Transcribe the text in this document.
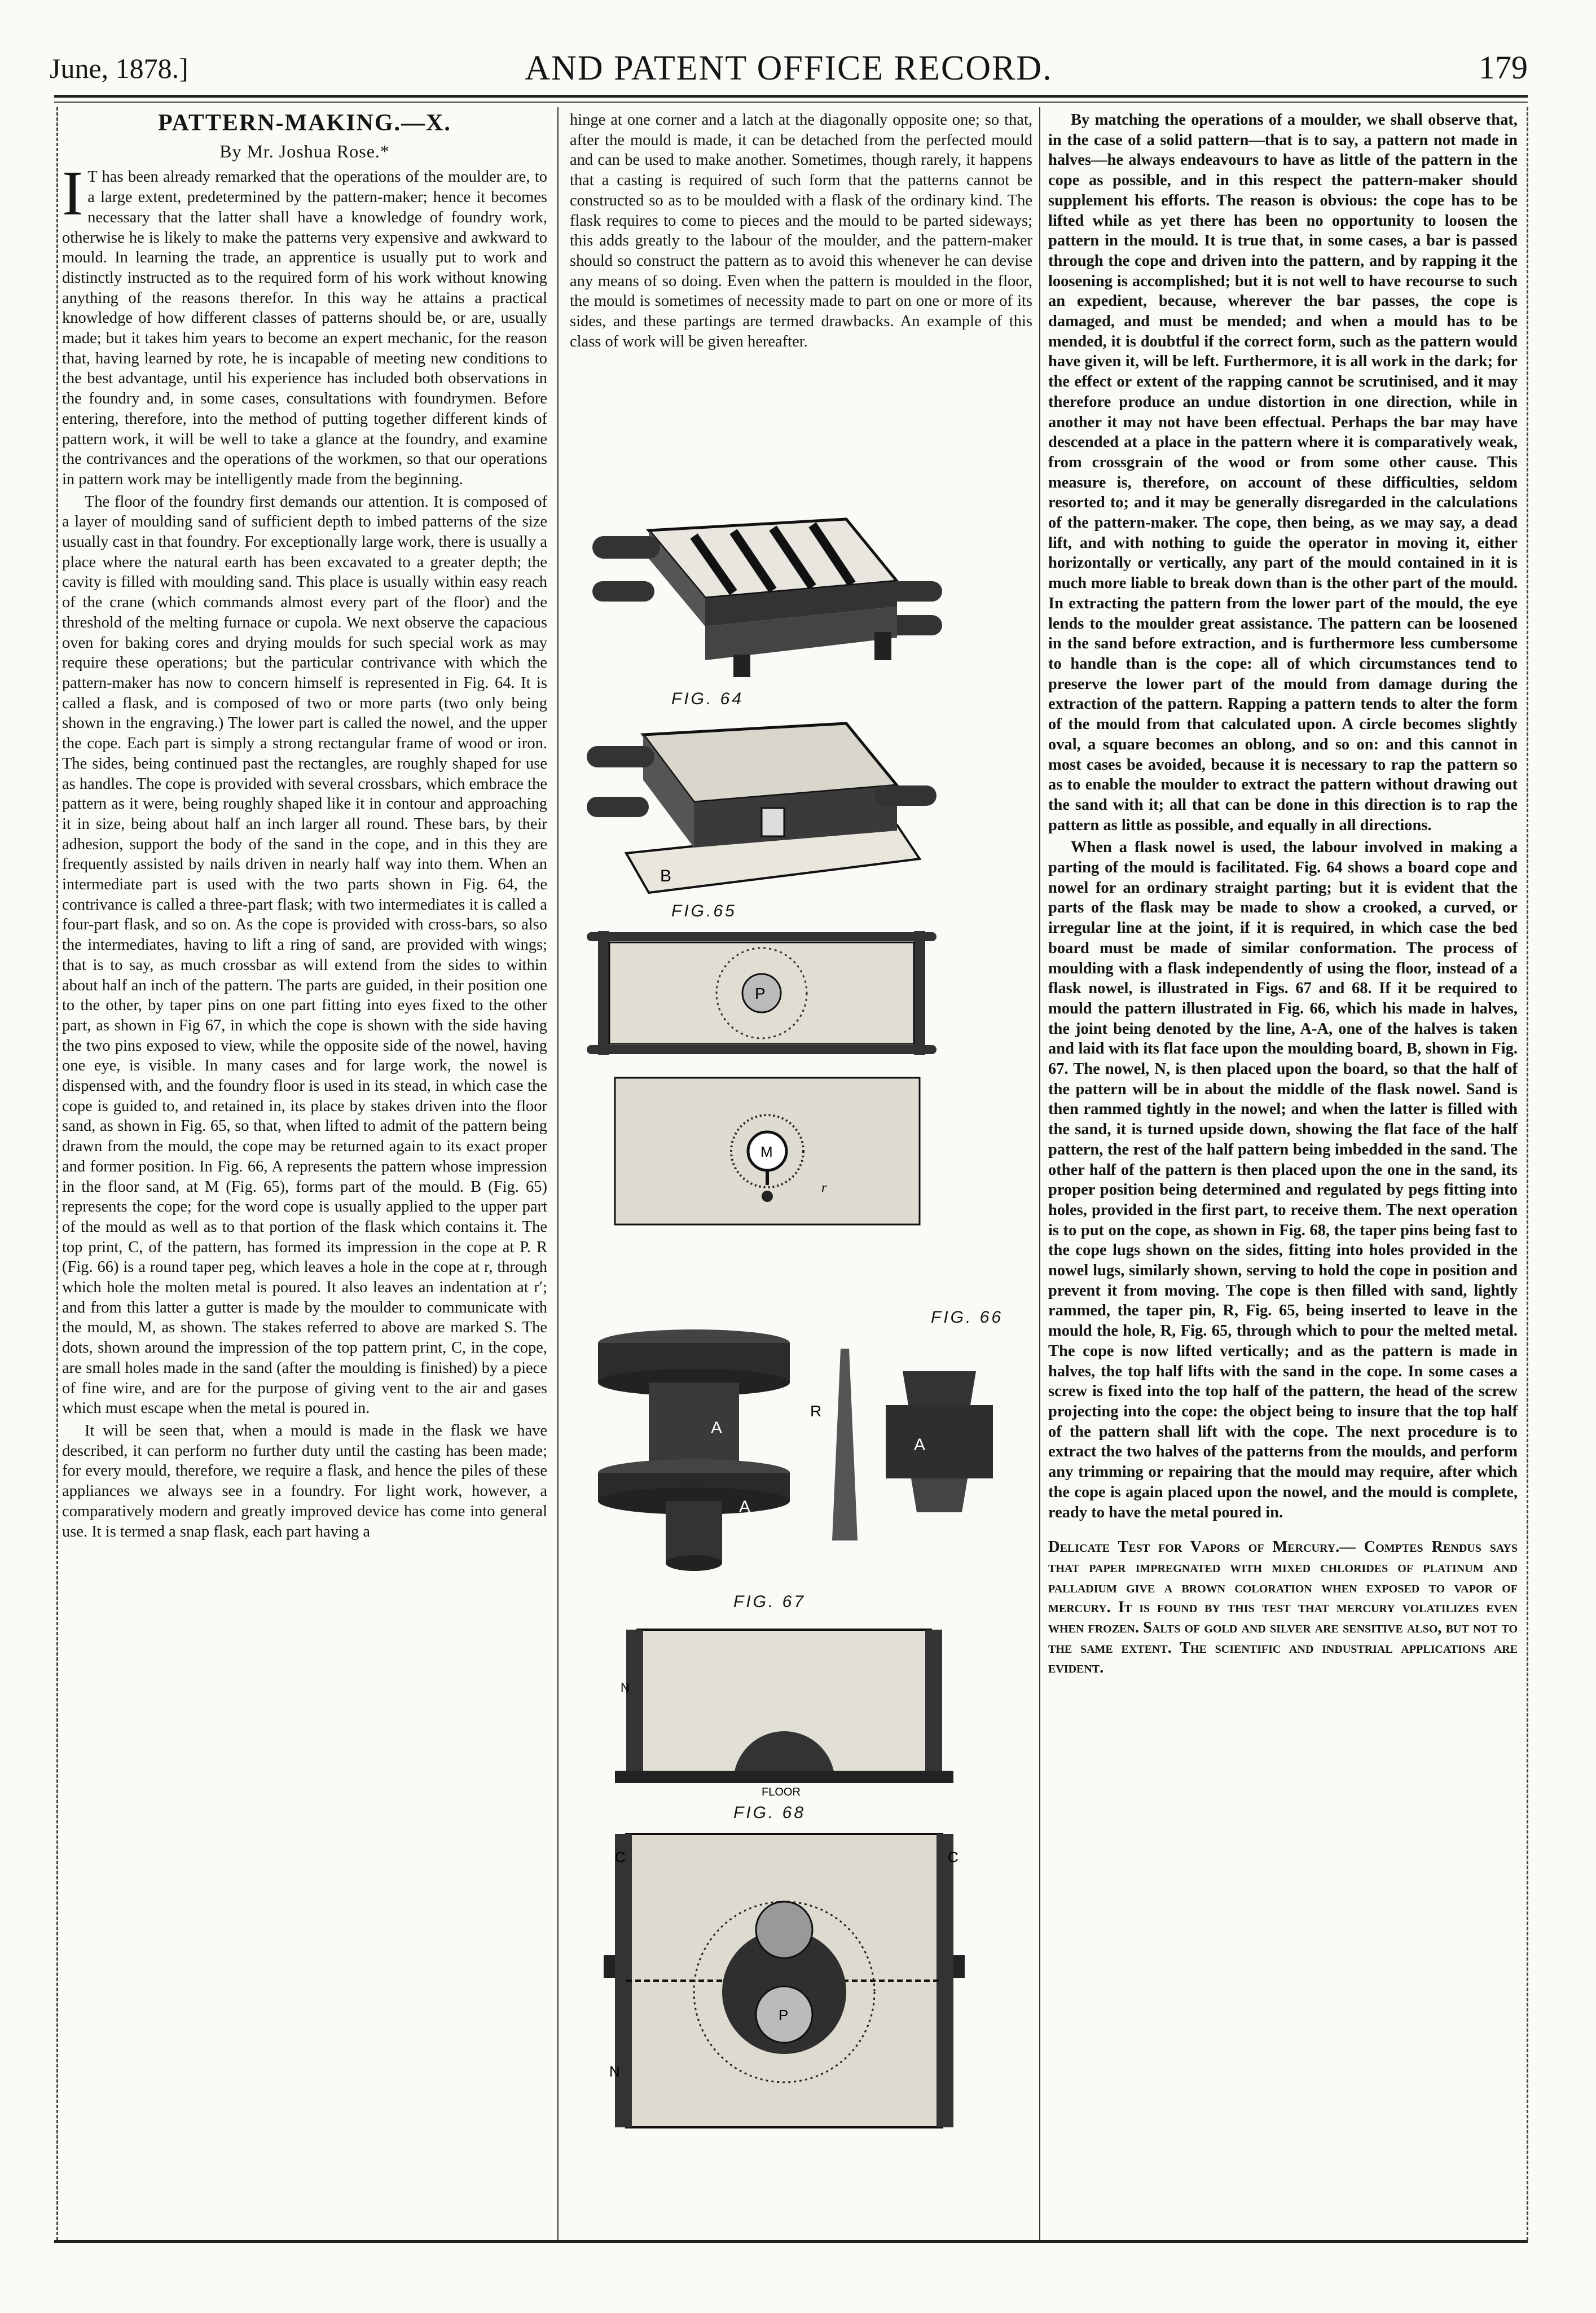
June, 1878.]	AND PATENT OFFICE RECORD.	179
PATTERN-MAKING.—X.
By Mr. Joshua Rose.*

I T has been already remarked that the operations of the moulder are, to a large extent, predetermined by the pattern-maker; hence it becomes necessary that the latter shall have a knowledge of foundry work, otherwise he is likely to make the patterns very expensive and awkward to mould. In learning the trade, an apprentice is usually put to work and distinctly instructed as to the required form of his work without knowing anything of the reasons therefor. In this way he attains a practical knowledge of how different classes of patterns should be, or are, usually made; but it takes him years to become an expert mechanic, for the reason that, having learned by rote, he is incapable of meeting new conditions to the best advantage, until his experience has included both observations in the foundry and, in some cases, consultations with foundrymen. Before entering, therefore, into the method of putting together different kinds of pattern work, it will be well to take a glance at the foundry, and examine the contrivances and the operations of the workmen, so that our operations in pattern work may be intelligently made from the beginning.

The floor of the foundry first demands our attention. It is composed of a layer of moulding sand of sufficient depth to imbed patterns of the size usually cast in that foundry. For exceptionally large work, there is usually a place where the natural earth has been excavated to a greater depth; the cavity is filled with moulding sand. This place is usually within easy reach of the crane (which commands almost every part of the floor) and the threshold of the melting furnace or cupola. We next observe the capacious oven for baking cores and drying moulds for such special work as may require these operations; but the particular contrivance with which the pattern-maker has now to concern himself is represented in Fig. 64. It is called a flask, and is composed of two or more parts (two only being shown in the engraving.) The lower part is called the nowel, and the upper the cope. Each part is simply a strong rectangular frame of wood or iron. The sides, being continued past the rectangles, are roughly shaped for use as handles. The cope is provided with several crossbars, which embrace the pattern as it were, being roughly shaped like it in contour and approaching it in size, being about half an inch larger all round. These bars, by their adhesion, support the body of the sand in the cope, and in this they are frequently assisted by nails driven in nearly half way into them. When an intermediate part is used with the two parts shown in Fig. 64, the contrivance is called a three-part flask; with two intermediates it is called a four-part flask, and so on. As the cope is provided with cross-bars, so also the intermediates, having to lift a ring of sand, are provided with wings; that is to say, as much crossbar as will extend from the sides to within about half an inch of the pattern. The parts are guided, in their position one to the other, by taper pins on one part fitting into eyes fixed to the other part, as shown in Fig 67, in which the cope is shown with the side having the two pins exposed to view, while the opposite side of the nowel, having one eye, is visible. In many cases and for large work, the nowel is dispensed with, and the foundry floor is used in its stead, in which case the cope is guided to, and retained in, its place by stakes driven into the floor sand, as shown in Fig. 65, so that, when lifted to admit of the pattern being drawn from the mould, the cope may be returned again to its exact proper and former position. In Fig. 66, A represents the pattern whose impression in the floor sand, at M (Fig. 65), forms part of the mould. B (Fig. 65) represents the cope; for the word cope is usually applied to the upper part of the mould as well as to that portion of the flask which contains it. The top print, C, of the pattern, has formed its impression in the cope at P. R (Fig. 66) is a round taper peg, which leaves a hole in the cope at r, through which hole the molten metal is poured. It also leaves an indentation at r′; and from this latter a gutter is made by the moulder to communicate with the mould, M, as shown. The stakes referred to above are marked S. The dots, shown around the impression of the top pattern print, C, in the cope, are small holes made in the sand (after the moulding is finished) by a piece of fine wire, and are for the purpose of giving vent to the air and gases which must escape when the metal is poured in.

It will be seen that, when a mould is made in the flask we have described, it can perform no further duty until the casting has been made; for every mould, therefore, we require a flask, and hence the piles of these appliances we always see in a foundry. For light work, however, a comparatively modern and greatly improved device has come into general use. It is termed a snap flask, each part having a

hinge at one corner and a latch at the diagonally opposite one; so that, after the mould is made, it can be detached from the perfected mould and can be used to make another. Sometimes, though rarely, it happens that a casting is required of such form that the patterns cannot be constructed so as to be moulded with a flask of the ordinary kind. The flask requires to come to pieces and the mould to be parted sideways; this adds greatly to the labour of the moulder, and the pattern-maker should so construct the pattern as to avoid this whenever he can devise any means of so doing. Even when the pattern is moulded in the floor, the mould is sometimes of necessity made to part on one or more of its sides, and these partings are termed drawbacks. An example of this class of work will be given hereafter.

FIG. 64
B
FIG.65
P
M
r
FIG. 66
A
A
R
A
FIG. 67
N
FLOOR
FIG. 68
C	C
N
P

By matching the operations of a moulder, we shall observe that, in the case of a solid pattern—that is to say, a pattern not made in halves—he always endeavours to have as little of the pattern in the cope as possible, and in this respect the pattern-maker should supplement his efforts. The reason is obvious: the cope has to be lifted while as yet there has been no opportunity to loosen the pattern in the mould. It is true that, in some cases, a bar is passed through the cope and driven into the pattern, and by rapping it the loosening is accomplished; but it is not well to have recourse to such an expedient, because, wherever the bar passes, the cope is damaged, and must be mended; and when a mould has to be mended, it is doubtful if the correct form, such as the pattern would have given it, will be left. Furthermore, it is all work in the dark; for the effect or extent of the rapping cannot be scrutinised, and it may therefore produce an undue distortion in one direction, while in another it may not have been effectual. Perhaps the bar may have descended at a place in the pattern where it is comparatively weak, from crossgrain of the wood or from some other cause. This measure is, therefore, on account of these difficulties, seldom resorted to; and it may be generally disregarded in the calculations of the pattern-maker. The cope, then being, as we may say, a dead lift, and with nothing to guide the operator in moving it, either horizontally or vertically, any part of the mould contained in it is much more liable to break down than is the other part of the mould. In extracting the pattern from the lower part of the mould, the eye lends to the moulder great assistance. The pattern can be loosened in the sand before extraction, and is furthermore less cumbersome to handle than is the cope: all of which circumstances tend to preserve the lower part of the mould from damage during the extraction of the pattern. Rapping a pattern tends to alter the form of the mould from that calculated upon. A circle becomes slightly oval, a square becomes an oblong, and so on: and this cannot in most cases be avoided, because it is necessary to rap the pattern so as to enable the moulder to extract the pattern without drawing out the sand with it; all that can be done in this direction is to rap the pattern as little as possible, and equally in all directions.

When a flask nowel is used, the labour involved in making a parting of the mould is facilitated. Fig. 64 shows a board cope and nowel for an ordinary straight parting; but it is evident that the parts of the flask may be made to show a crooked, a curved, or irregular line at the joint, if it is required, in which case the bed board must be made of similar conformation. The process of moulding with a flask independently of using the floor, instead of a flask nowel, is illustrated in Figs. 67 and 68. If it be required to mould the pattern illustrated in Fig. 66, which his made in halves, the joint being denoted by the line, A-A, one of the halves is taken and laid with its flat face upon the moulding board, B, shown in Fig. 67. The nowel, N, is then placed upon the board, so that the half of the pattern will be in about the middle of the flask nowel. Sand is then rammed tightly in the nowel; and when the latter is filled with the sand, it is turned upside down, showing the flat face of the half pattern, the rest of the half pattern being imbedded in the sand. The other half of the pattern is then placed upon the one in the sand, its proper position being determined and regulated by pegs fitting into holes, provided in the first part, to receive them. The next operation is to put on the cope, as shown in Fig. 68, the taper pins being fast to the cope lugs shown on the sides, fitting into holes provided in the nowel lugs, similarly shown, serving to hold the cope in position and prevent it from moving. The cope is then filled with sand, lightly rammed, the taper pin, R, Fig. 65, being inserted to leave in the mould the hole, R, Fig. 65, through which to pour the melted metal. The cope is now lifted vertically; and as the pattern is made in halves, the top half lifts with the sand in the cope. In some cases a screw is fixed into the top half of the pattern, the head of the screw projecting into the cope: the object being to insure that the top half of the pattern shall lift with the cope. The next procedure is to extract the two halves of the patterns from the moulds, and perform any trimming or repairing that the mould may require, after which the cope is again placed upon the nowel, and the mould is complete, ready to have the metal poured in.

Delicate Test for Vapors of Mercury.— Comptes Rendus says that paper impregnated with mixed chlorides of platinum and palladium give a brown coloration when exposed to vapor of mercury. It is found by this test that mercury volatilizes even when frozen. Salts of gold and silver are sensitive also, but not to the same extent. The scientific and industrial applications are evident.
